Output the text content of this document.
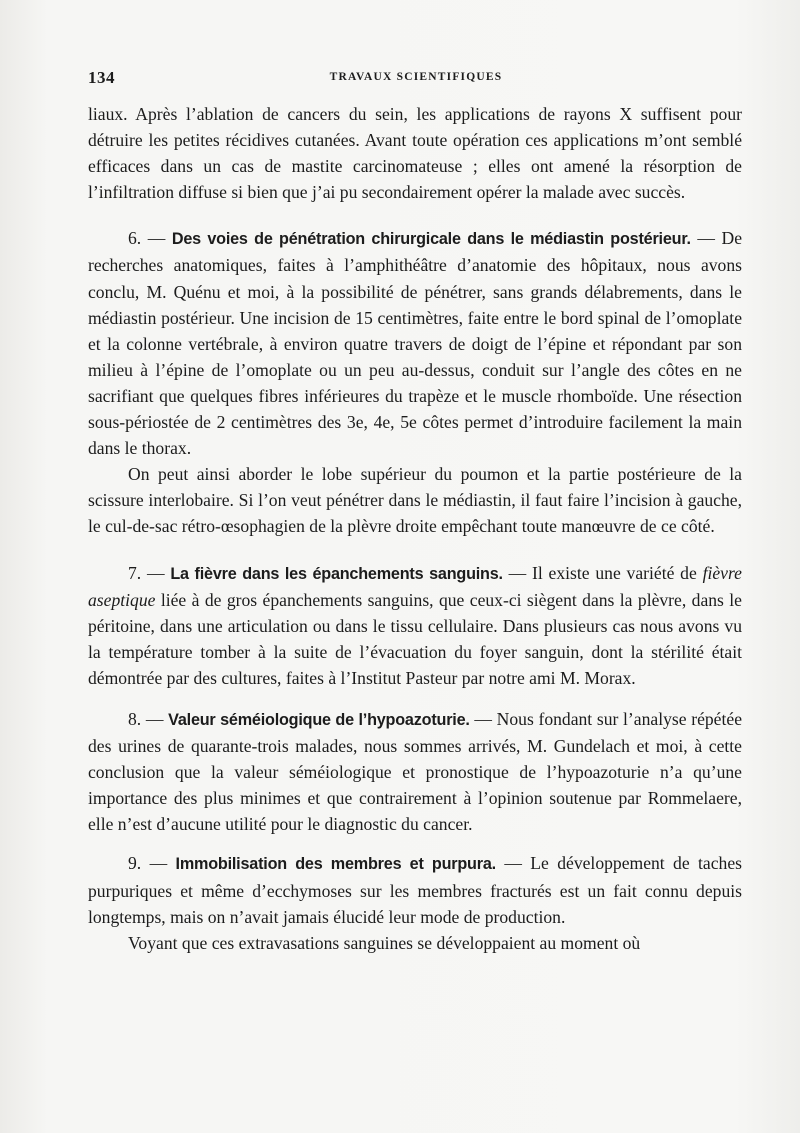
134	TRAVAUX SCIENTIFIQUES

liaux. Après l’ablation de cancers du sein, les applications de rayons X suffisent pour détruire les petites récidives cutanées. Avant toute opération ces applications m’ont semblé efficaces dans un cas de mastite carcinomateuse ; elles ont amené la résorption de l’infiltration diffuse si bien que j’ai pu secondairement opérer la malade avec succès.

6. — Des voies de pénétration chirurgicale dans le médiastin postérieur. — De recherches anatomiques, faites à l’amphithéâtre d’anatomie des hôpitaux, nous avons conclu, M. Quénu et moi, à la possibilité de pénétrer, sans grands délabrements, dans le médiastin postérieur. Une incision de 15 centimètres, faite entre le bord spinal de l’omoplate et la colonne vertébrale, à environ quatre travers de doigt de l’épine et répondant par son milieu à l’épine de l’omoplate ou un peu au-dessus, conduit sur l’angle des côtes en ne sacrifiant que quelques fibres inférieures du trapèze et le muscle rhomboïde. Une résection sous-périostée de 2 centimètres des 3e, 4e, 5e côtes permet d’introduire facilement la main dans le thorax.

On peut ainsi aborder le lobe supérieur du poumon et la partie postérieure de la scissure interlobaire. Si l’on veut pénétrer dans le médiastin, il faut faire l’incision à gauche, le cul-de-sac rétro-œsophagien de la plèvre droite empêchant toute manœuvre de ce côté.

7. — La fièvre dans les épanchements sanguins. — Il existe une variété de fièvre aseptique liée à de gros épanchements sanguins, que ceux-ci siègent dans la plèvre, dans le péritoine, dans une articulation ou dans le tissu cellulaire. Dans plusieurs cas nous avons vu la température tomber à la suite de l’évacuation du foyer sanguin, dont la stérilité était démontrée par des cultures, faites à l’Institut Pasteur par notre ami M. Morax.

8. — Valeur séméiologique de l’hypoazoturie. — Nous fondant sur l’analyse répétée des urines de quarante-trois malades, nous sommes arrivés, M. Gundelach et moi, à cette conclusion que la valeur séméiologique et pronostique de l’hypoazoturie n’a qu’une importance des plus minimes et que contrairement à l’opinion soutenue par Rommelaere, elle n’est d’aucune utilité pour le diagnostic du cancer.

9. — Immobilisation des membres et purpura. — Le développement de taches purpuriques et même d’ecchymoses sur les membres fracturés est un fait connu depuis longtemps, mais on n’avait jamais élucidé leur mode de production.

Voyant que ces extravasations sanguines se développaient au moment où
